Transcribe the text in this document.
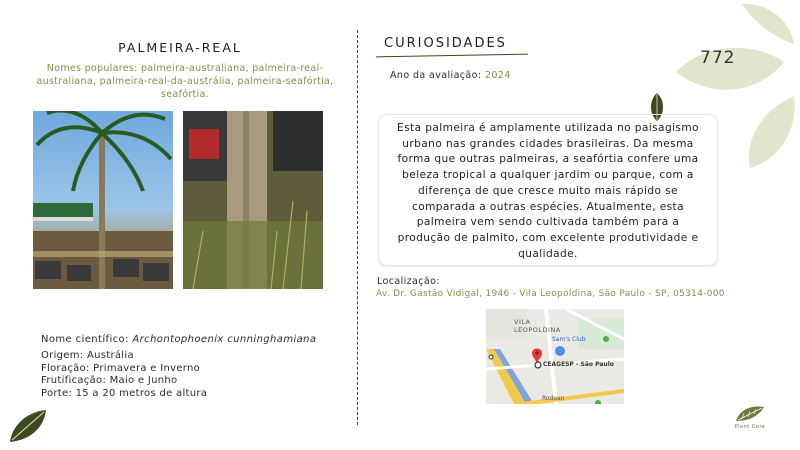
PALMEIRA-REAL
Nomes populares: palmeira-australiana, palmeira-real-australiana, palmeira-real-da-austrália, palmeira-seafórtia, seafórtia.
Nome científico: Archontophoenix cunninghamiana
Origem: Austrália
Floração: Primavera e Inverno
Frutificação: Maio e Junho
Porte: 15 a 20 metros de altura
CURIOSIDADES
Ano da avaliação: 2024
772
Esta palmeira é amplamente utilizada no paisagismo urbano nas grandes cidades brasileiras. Da mesma forma que outras palmeiras, a seafórtia confere uma beleza tropical a qualquer jardim ou parque, com a diferença de que cresce muito mais rápido se comparada a outras espécies. Atualmente, esta palmeira vem sendo cultivada também para a produção de palmito, com excelente produtividade e qualidade.
Localização:
Av. Dr. Gastão Vidigal, 1946 - Vila Leopoldina, São Paulo - SP, 05314-000
VILA LEOPOLDINA
Sam's Club
CEAGESP - São Paulo
Rodoan
Plant Core
